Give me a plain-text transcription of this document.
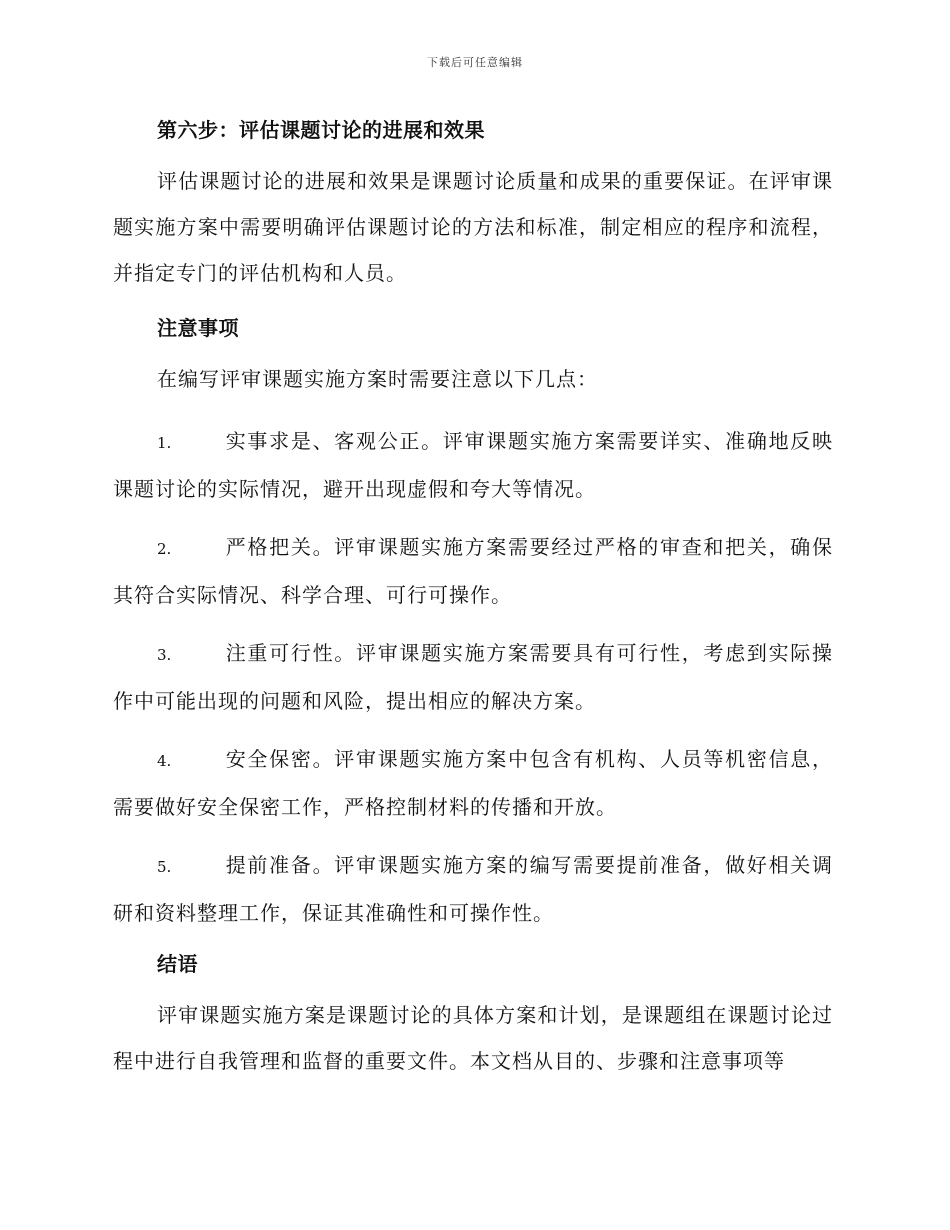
下载后可任意编辑
第六步：评估课题讨论的进展和效果

评估课题讨论的进展和效果是课题讨论质量和成果的重要保证。在评审课题实施方案中需要明确评估课题讨论的方法和标准，制定相应的程序和流程，并指定专门的评估机构和人员。

注意事项

在编写评审课题实施方案时需要注意以下几点：

1.	实事求是、客观公正。评审课题实施方案需要详实、准确地反映课题讨论的实际情况，避开出现虚假和夸大等情况。

2.	严格把关。评审课题实施方案需要经过严格的审查和把关，确保其符合实际情况、科学合理、可行可操作。

3.	注重可行性。评审课题实施方案需要具有可行性，考虑到实际操作中可能出现的问题和风险，提出相应的解决方案。

4.	安全保密。评审课题实施方案中包含有机构、人员等机密信息，需要做好安全保密工作，严格控制材料的传播和开放。

5.	提前准备。评审课题实施方案的编写需要提前准备，做好相关调研和资料整理工作，保证其准确性和可操作性。

结语

评审课题实施方案是课题讨论的具体方案和计划，是课题组在课题讨论过程中进行自我管理和监督的重要文件。本文档从目的、步骤和注意事项等
